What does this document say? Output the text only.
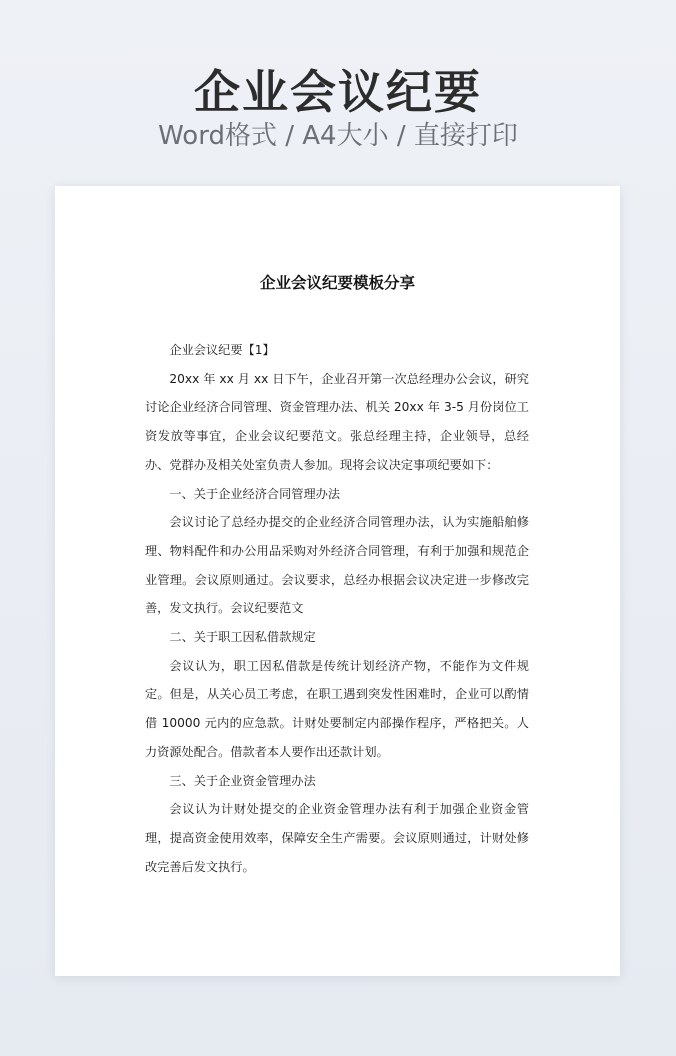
企业会议纪要
Word格式 / A4大小 / 直接打印
企业会议纪要模板分享

企业会议纪要【1】

20xx 年 xx 月 xx 日下午，企业召开第一次总经理办公会议，研究讨论企业经济合同管理、资金管理办法、机关 20xx 年 3-5 月份岗位工资发放等事宜，企业会议纪要范文。张总经理主持，企业领导，总经办、党群办及相关处室负责人参加。现将会议决定事项纪要如下：

一、关于企业经济合同管理办法

会议讨论了总经办提交的企业经济合同管理办法，认为实施船舶修理、物料配件和办公用品采购对外经济合同管理，有利于加强和规范企业管理。会议原则通过。会议要求，总经办根据会议决定进一步修改完善，发文执行。会议纪要范文

二、关于职工因私借款规定

会议认为，职工因私借款是传统计划经济产物，不能作为文件规定。但是，从关心员工考虑，在职工遇到突发性困难时，企业可以酌情借 10000 元内的应急款。计财处要制定内部操作程序，严格把关。人力资源处配合。借款者本人要作出还款计划。

三、关于企业资金管理办法

会议认为计财处提交的企业资金管理办法有利于加强企业资金管理，提高资金使用效率，保障安全生产需要。会议原则通过，计财处修改完善后发文执行。
